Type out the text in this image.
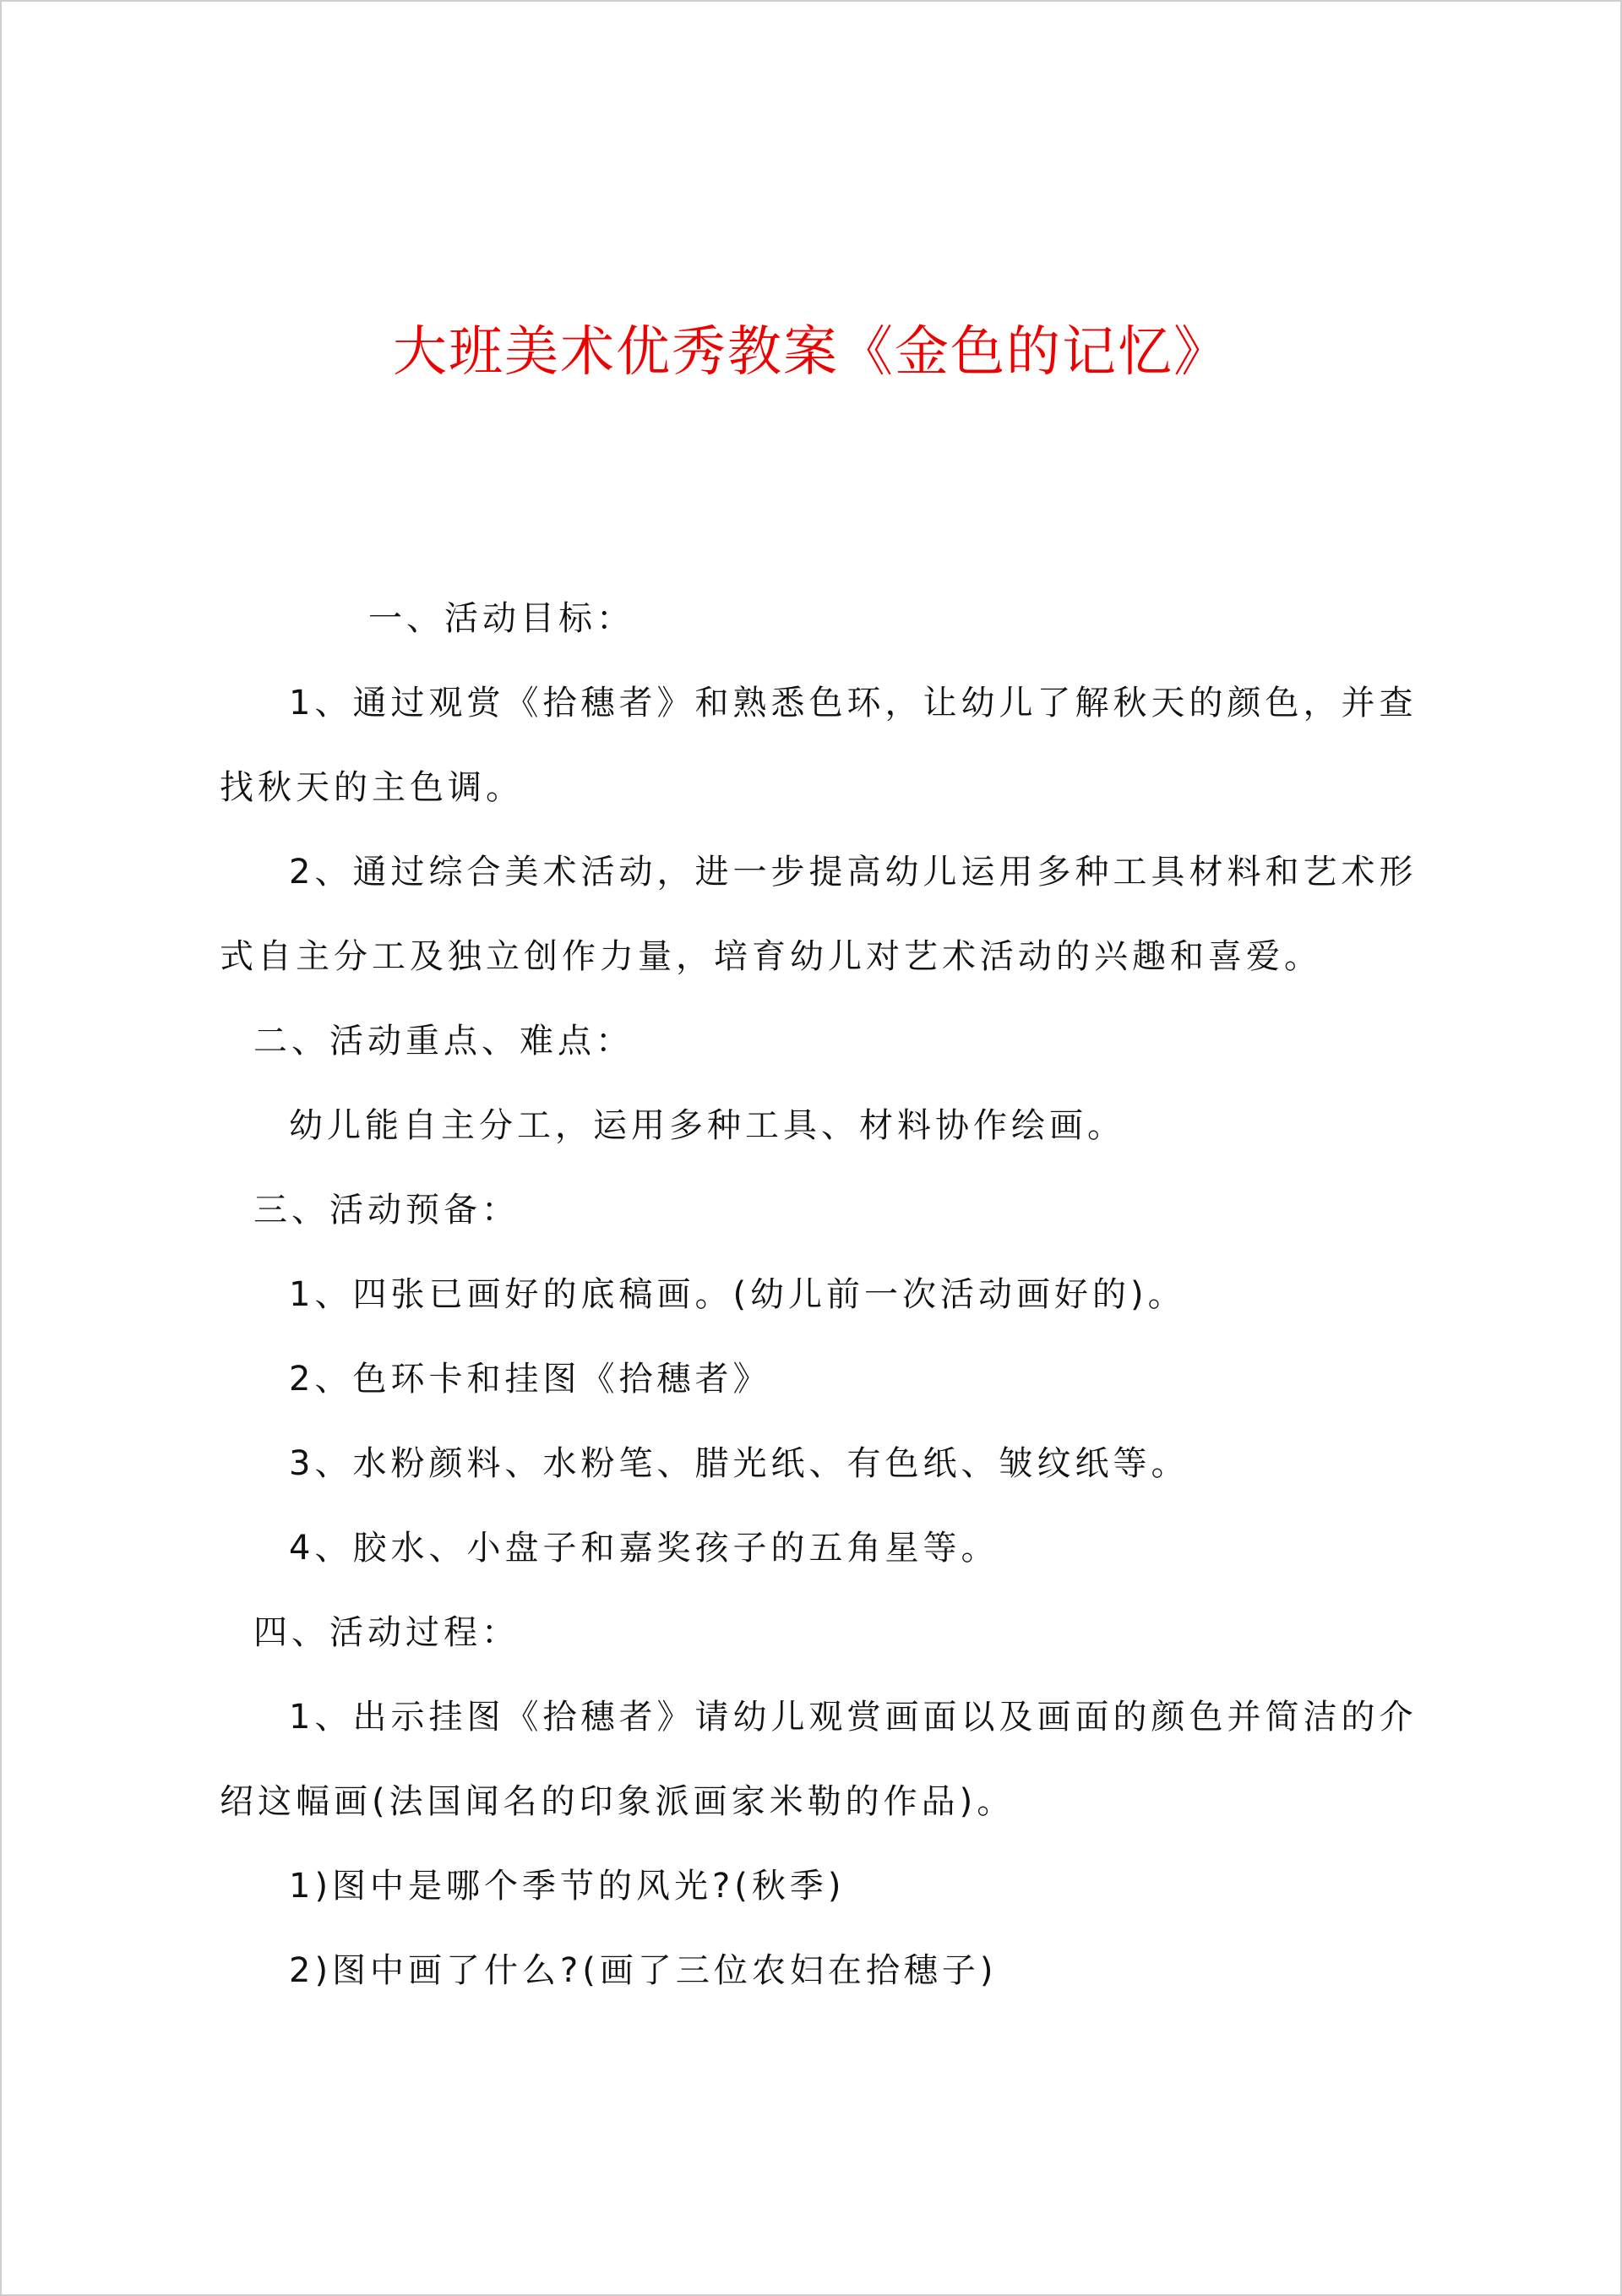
大班美术优秀教案《金色的记忆》

一、活动目标：

1、通过观赏《拾穗者》和熟悉色环，让幼儿了解秋天的颜色，并查

找秋天的主色调。

2、通过综合美术活动，进一步提高幼儿运用多种工具材料和艺术形

式自主分工及独立创作力量，培育幼儿对艺术活动的兴趣和喜爱。

二、活动重点、难点：

幼儿能自主分工，运用多种工具、材料协作绘画。

三、活动预备：

1、四张已画好的底稿画。(幼儿前一次活动画好的)。

2、色环卡和挂图《拾穗者》

3、水粉颜料、水粉笔、腊光纸、有色纸、皱纹纸等。

4、胶水、小盘子和嘉奖孩子的五角星等。

四、活动过程：

1、出示挂图《拾穗者》请幼儿观赏画面以及画面的颜色并简洁的介

绍这幅画(法国闻名的印象派画家米勒的作品)。

1)图中是哪个季节的风光?(秋季)

2)图中画了什么?(画了三位农妇在拾穗子)
